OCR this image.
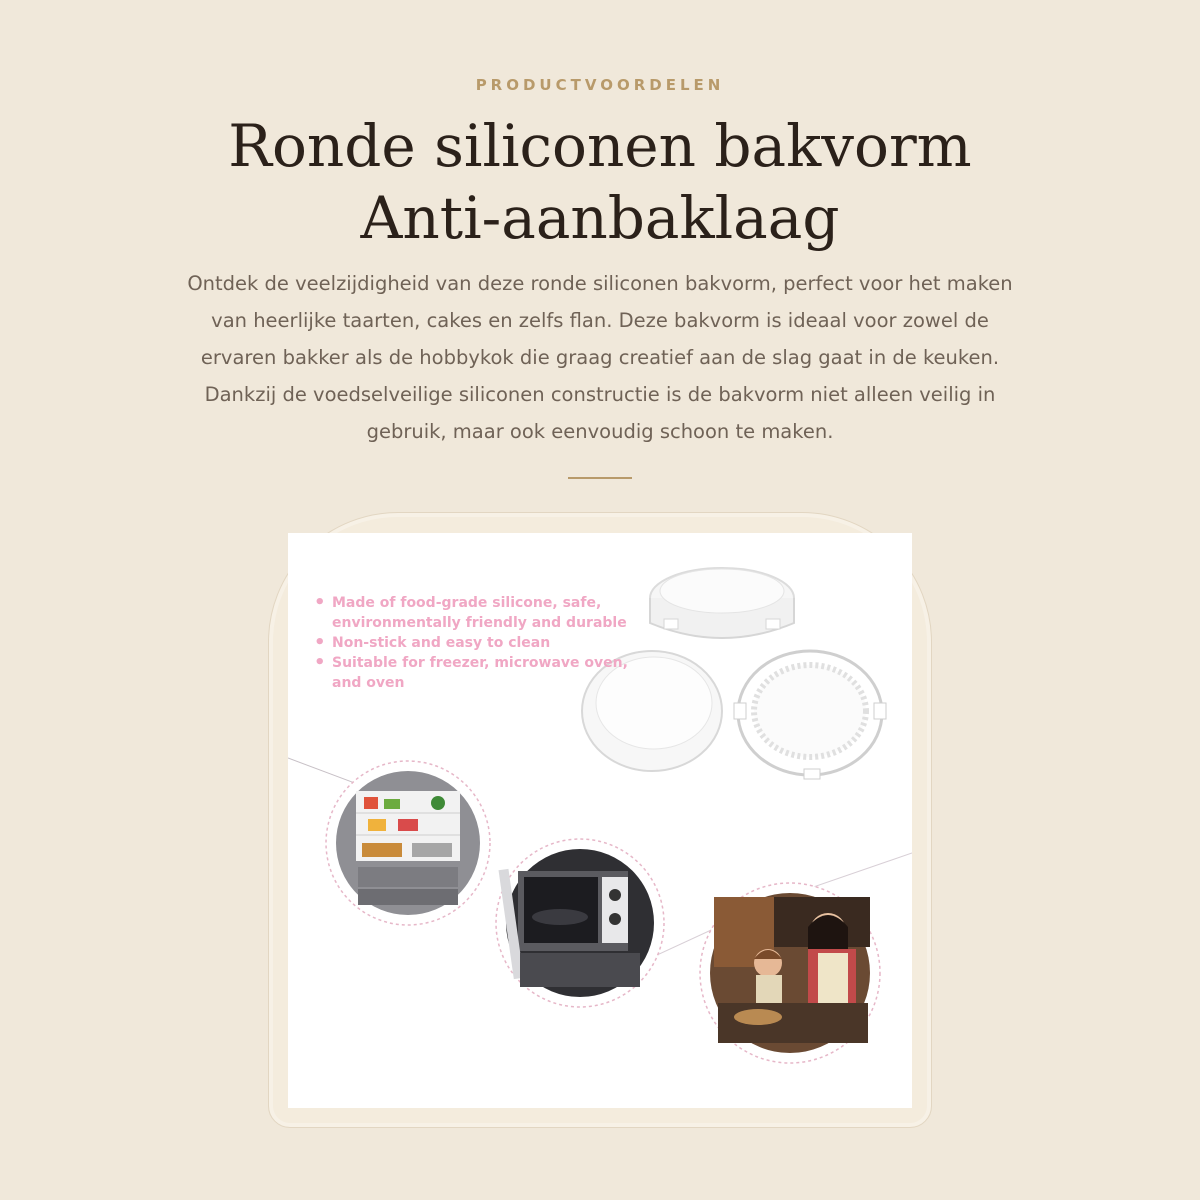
PRODUCTVOORDELEN
Ronde siliconen bakvorm
Anti-aanbaklaag

Ontdek de veelzijdigheid van deze ronde siliconen bakvorm, perfect voor het maken van heerlijke taarten, cakes en zelfs flan. Deze bakvorm is ideaal voor zowel de ervaren bakker als de hobbykok die graag creatief aan de slag gaat in de keuken. Dankzij de voedselveilige siliconen constructie is de bakvorm niet alleen veilig in gebruik, maar ook eenvoudig schoon te maken.

• Made of food-grade silicone, safe, environmentally friendly and durable
• Non-stick and easy to clean
• Suitable for freezer, microwave oven, and oven
